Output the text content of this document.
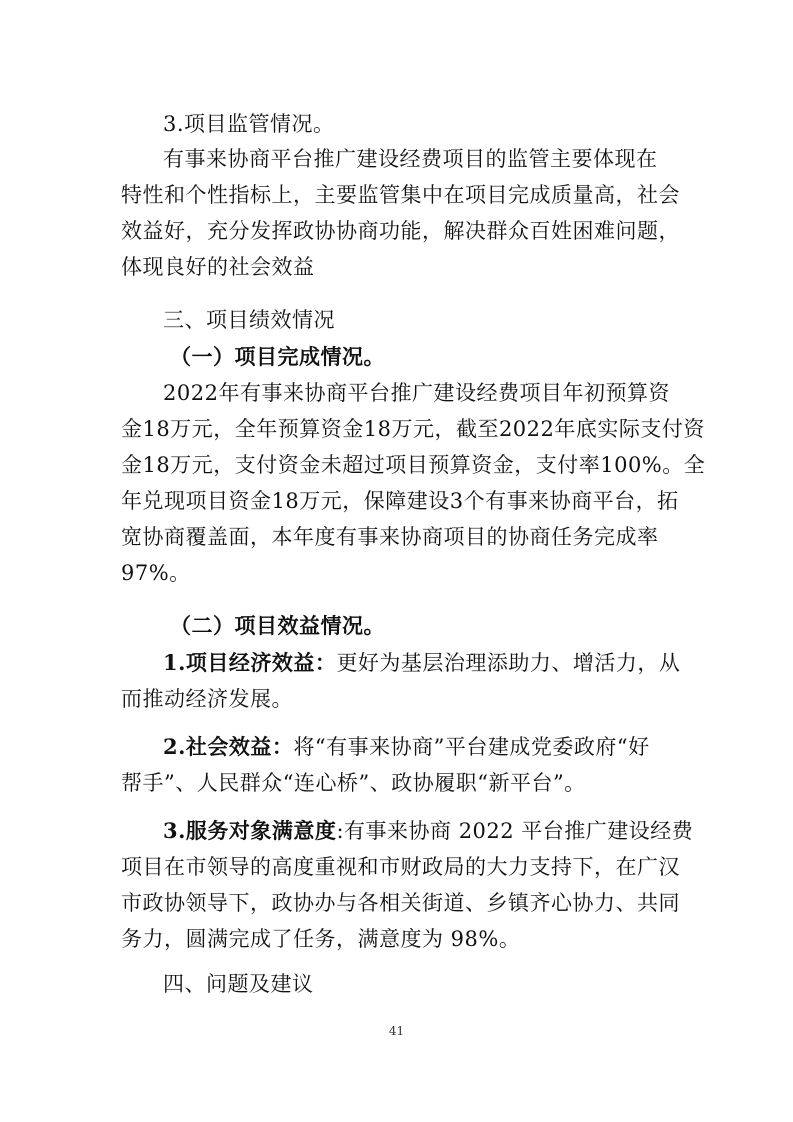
3.项目监管情况。
有事来协商平台推广建设经费项目的监管主要体现在
特性和个性指标上，主要监管集中在项目完成质量高，社会
效益好，充分发挥政协协商功能，解决群众百姓困难问题，
体现良好的社会效益
三、项目绩效情况
（一）项目完成情况。
2022年有事来协商平台推广建设经费项目年初预算资
金18万元，全年预算资金18万元，截至2022年底实际支付资
金18万元，支付资金未超过项目预算资金，支付率100%。全
年兑现项目资金18万元，保障建设3个有事来协商平台，拓
宽协商覆盖面，本年度有事来协商项目的协商任务完成率
97%。
（二）项目效益情况。
1.项目经济效益：更好为基层治理添助力、增活力，从
而推动经济发展。
2.社会效益：将“有事来协商”平台建成党委政府“好
帮手”、人民群众“连心桥”、政协履职“新平台”。
3.服务对象满意度:有事来协商 2022 平台推广建设经费
项目在市领导的高度重视和市财政局的大力支持下，在广汉
市政协领导下，政协办与各相关街道、乡镇齐心协力、共同
务力，圆满完成了任务，满意度为 98%。
四、问题及建议
41
